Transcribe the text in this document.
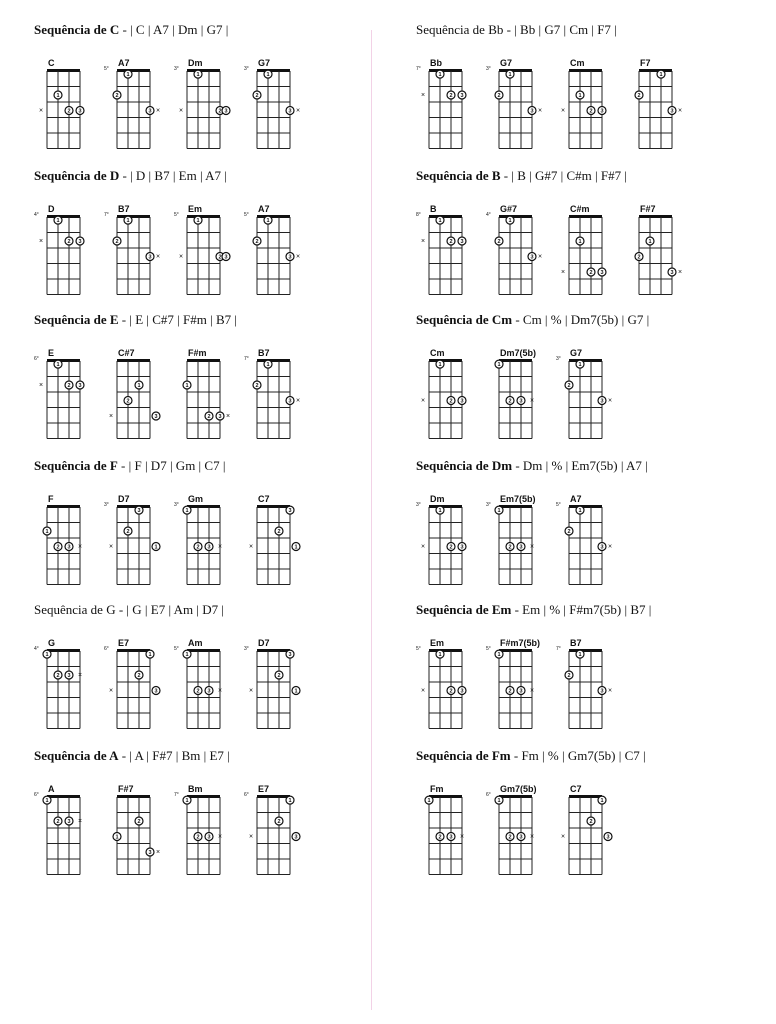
Sequência de C - | C | A7 | Dm | G7 |
C
×
1
2 3
A7
5°
×
1
2
3
Dm
3°
×
1
2 3
G7
3°
×
1
2
3
Sequência de D - | D | B7 | Em | A7 |
D
4°
×
1
2 3
B7
7°
×
1
2
3
Em
5°
×
1
2 3
A7
5°
×
1
2
3
Sequência de E - | E | C#7 | F#m | B7 |
E
6°
×
1
2 3
C#7
×
1
2
3
F#m
×
1
2 3
B7
7°
×
1
2
3
Sequência de F - | F | D7 | Gm | C7 |
F
×
1
2 3
D7
3°
×
3
2
1
Gm
3°
×
1
2 3
C7
×
3
2
1
Sequência de G - | G | E7 | Am | D7 |
G
4°
×
1
2 3
E7
6°
×
1
2
3
Am
5°
×
1
2 3
D7
3°
×
3
2
1
Sequência de A - | A | F#7 | Bm | E7 |
A
6°
×
1
2 3
F#7
×
1
2
3
Bm
7°
×
1
2 3
E7
6°
×
1
2
3
Sequência de Bb - | Bb | G7 | Cm | F7 |
Bb
7°
×
1
2 3
G7
3°
×
1
2
3
Cm
×
1
2 3
F7
×
1
2
3
Sequência de B - | B | G#7 | C#m | F#7 |
B
8°
×
1
2 3
G#7
4°
×
1
2
3
C#m
×
1
2 3
F#7
×
1
2
3
Sequência de Cm - Cm | % | Dm7(5b) | G7 |
Cm
×
1
2 3
Dm7(5b)
×
1
2 3
G7
3°
×
1
2
3
Sequência de Dm - Dm | % | Em7(5b) | A7 |
Dm
3°
×
1
2 3
Em7(5b)
3°
×
1
2 3
A7
5°
×
1
2
3
Sequência de Em - Em | % | F#m7(5b) | B7 |
Em
5°
×
1
2 3
F#m7(5b)
5°
×
1
2 3
B7
7°
×
1
2
3
Sequência de Fm - Fm | % | Gm7(5b) | C7 |
Fm
×
1
2 3
Gm7(5b)
6°
×
1
2 3
C7
×
1
2
3
